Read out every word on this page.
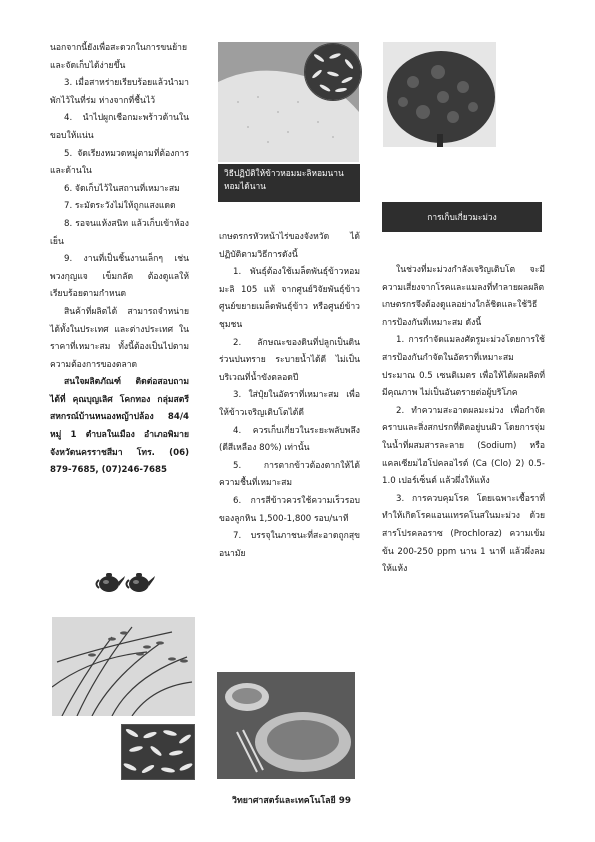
นอกจากนี้ยังเพื่อสะดวกในการขนย้ายและจัดเก็บได้ง่ายขึ้น

3. เมื่อสาหร่ายเรียบร้อยแล้วนำมาพักไว้ในที่ร่ม ห่างจากที่ชื้นไว้

4. นำไปผูกเชือกมะพร้าวด้านในขอบให้แน่น

5. จัดเรียงหมวดหมู่ตามที่ต้องการ และด้านใน

6. จัดเก็บไว้ในสถานที่เหมาะสม

7. ระมัดระวังไม่ให้ถูกแสงแดด

8. รอจนแห้งสนิท แล้วเก็บเข้าห้องเย็น

9. งานที่เป็นชิ้นงานเล็กๆ เช่น พวงกุญแจ เข็มกลัด ต้องดูแลให้เรียบร้อยตามกำหนด

สินค้าที่ผลิตได้ สามารถจำหน่ายได้ทั้งในประเทศ และต่างประเทศ ในราคาที่เหมาะสม ทั้งนี้ต้องเป็นไปตามความต้องการของตลาด

สนใจผลิตภัณฑ์ ติดต่อสอบถามได้ที่ คุณบุญเลิศ โคกทอง กลุ่มสตรีสหกรณ์บ้านหนองหญ้าปล้อง 84/4 หมู่ 1 ตำบลในเมือง อำเภอพิมาย จังหวัดนครราชสีมา โทร. (06) 879-7685, (07)246-7685

วิธีปฏิบัติให้ข้าวหอมมะลิหอมนานหอมได้นาน

เกษตรกรหัวหน้าไร่ของจังหวัด ได้ปฏิบัติตามวิธีการดังนี้

1. พันธุ์ต้องใช้เมล็ดพันธุ์ข้าวหอมมะลิ 105 แท้ จากศูนย์วิจัยพันธุ์ข้าว ศูนย์ขยายเมล็ดพันธุ์ข้าว หรือศูนย์ข้าวชุมชน

2. ลักษณะของดินที่ปลูกเป็นดินร่วนปนทราย ระบายน้ำได้ดี ไม่เป็นบริเวณที่น้ำขังตลอดปี

3. ใส่ปุ๋ยในอัตราที่เหมาะสม เพื่อให้ข้าวเจริญเติบโตได้ดี

4. ควรเก็บเกี่ยวในระยะพลับพลึง (ดีสีเหลือง 80%) เท่านั้น

5. การตากข้าวต้องตากให้ได้ความชื้นที่เหมาะสม

6. การสีข้าวควรใช้ความเร็วรอบของลูกหิน 1,500-1,800 รอบ/นาที

7. บรรจุในภาชนะที่สะอาดถูกสุขอนามัย

การเก็บเกี่ยวมะม่วง

ในช่วงที่มะม่วงกำลังเจริญเติบโต จะมีความเสี่ยงจากโรคและแมลงที่ทำลายผลผลิต เกษตรกรจึงต้องดูแลอย่างใกล้ชิดและใช้วิธีการป้องกันที่เหมาะสม ดังนี้

1. การกำจัดแมลงศัตรูมะม่วงโดยการใช้สารป้องกันกำจัดในอัตราที่เหมาะสม ประมาณ 0.5 เซนติเมตร เพื่อให้ได้ผลผลิตที่มีคุณภาพ ไม่เป็นอันตรายต่อผู้บริโภค

2. ทำความสะอาดผลมะม่วง เพื่อกำจัดคราบและสิ่งสกปรกที่ติดอยู่บนผิว โดยการจุ่มในน้ำที่ผสมสารละลาย (Sodium) หรือแคลเซียมไฮโปคลอไรต์ (Ca (Clo) 2) 0.5-1.0 เปอร์เซ็นต์ แล้วผึ่งให้แห้ง

3. การควบคุมโรค โดยเฉพาะเชื้อราที่ทำให้เกิดโรคแอนแทรคโนสในมะม่วง ด้วยสารโปรคลอราซ (Prochloraz) ความเข้มข้น 200-250 ppm นาน 1 นาที แล้วผึ่งลมให้แห้ง

วิทยาศาสตร์และเทคโนโลยี 99
